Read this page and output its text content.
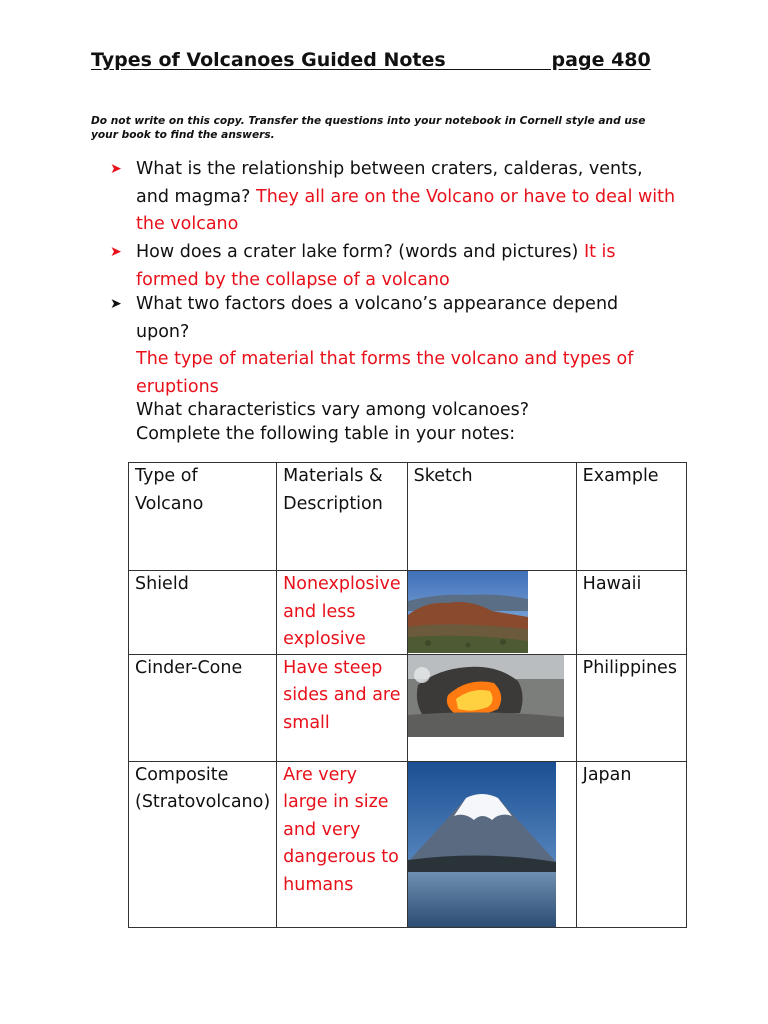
Types of Volcanoes Guided Notes                page 480

Do not write on this copy. Transfer the questions into your notebook in Cornell style and use your book to find the answers.

➤ What is the relationship between craters, calderas, vents, and magma? They all are on the Volcano or have to deal with the volcano
➤ How does a crater lake form? (words and pictures) It is formed by the collapse of a volcano
➤ What two factors does a volcano’s appearance depend upon?
The type of material that forms the volcano and types of eruptions

What characteristics vary among volcanoes?

Complete the following table in your notes:

Type of Volcano	Materials & Description	Sketch	Example
Shield	Nonexplosive and less explosive		Hawaii
Cinder-Cone	Have steep sides and are small		Philippines
Composite (Stratovolcano)	Are very large in size and very dangerous to humans		Japan
